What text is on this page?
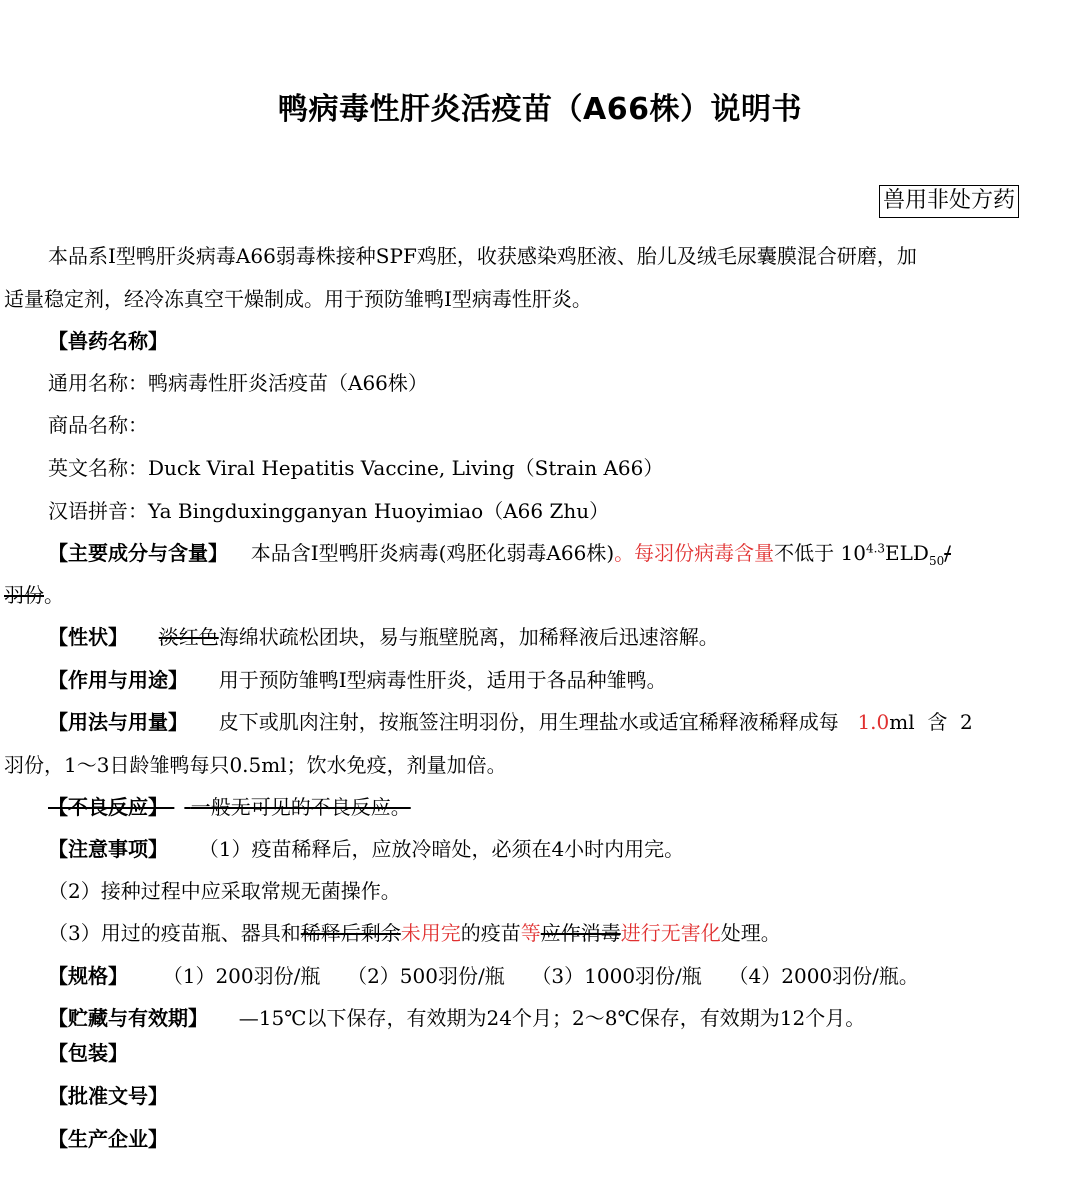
鸭病毒性肝炎活疫苗（A66株）说明书
兽用非处方药
本品系Ⅰ型鸭肝炎病毒A66弱毒株接种SPF鸡胚，收获感染鸡胚液、胎儿及绒毛尿囊膜混合研磨，加
适量稳定剂，经冷冻真空干燥制成。用于预防雏鸭Ⅰ型病毒性肝炎。
【兽药名称】
通用名称：鸭病毒性肝炎活疫苗（A66株）
商品名称：
英文名称：Duck Viral Hepatitis Vaccine, Living（Strain A66）
汉语拼音：Ya Bingduxingganyan Huoyimiao（A66 Zhu）
【主要成分与含量】 本品含Ⅰ型鸭肝炎病毒(鸡胚化弱毒A66株)。每羽份病毒含量不低于 $10^{4.3}ELD_{50}/$
羽份。
【性状】 淡红色海绵状疏松团块，易与瓶壁脱离，加稀释液后迅速溶解。
【作用与用途】 用于预防雏鸭Ⅰ型病毒性肝炎，适用于各品种雏鸭。
【用法与用量】 皮下或肌肉注射，按瓶签注明羽份，用生理盐水或适宜稀释液稀释成每 1.0ml  含  2
羽份，1～3日龄雏鸭每只0.5ml；饮水免疫，剂量加倍。
【不良反应】 一般无可见的不良反应。
【注意事项】 （1）疫苗稀释后，应放冷暗处，必须在4小时内用完。
（2）接种过程中应采取常规无菌操作。
（3）用过的疫苗瓶、器具和稀释后剩余未用完的疫苗等应作消毒进行无害化处理。
【规格】 （1）200羽份/瓶 （2）500羽份/瓶 （3）1000羽份/瓶 （4）2000羽份/瓶。
【贮藏与有效期】 —15℃以下保存，有效期为24个月；2～8℃保存，有效期为12个月。
【包装】
【批准文号】
【生产企业】
